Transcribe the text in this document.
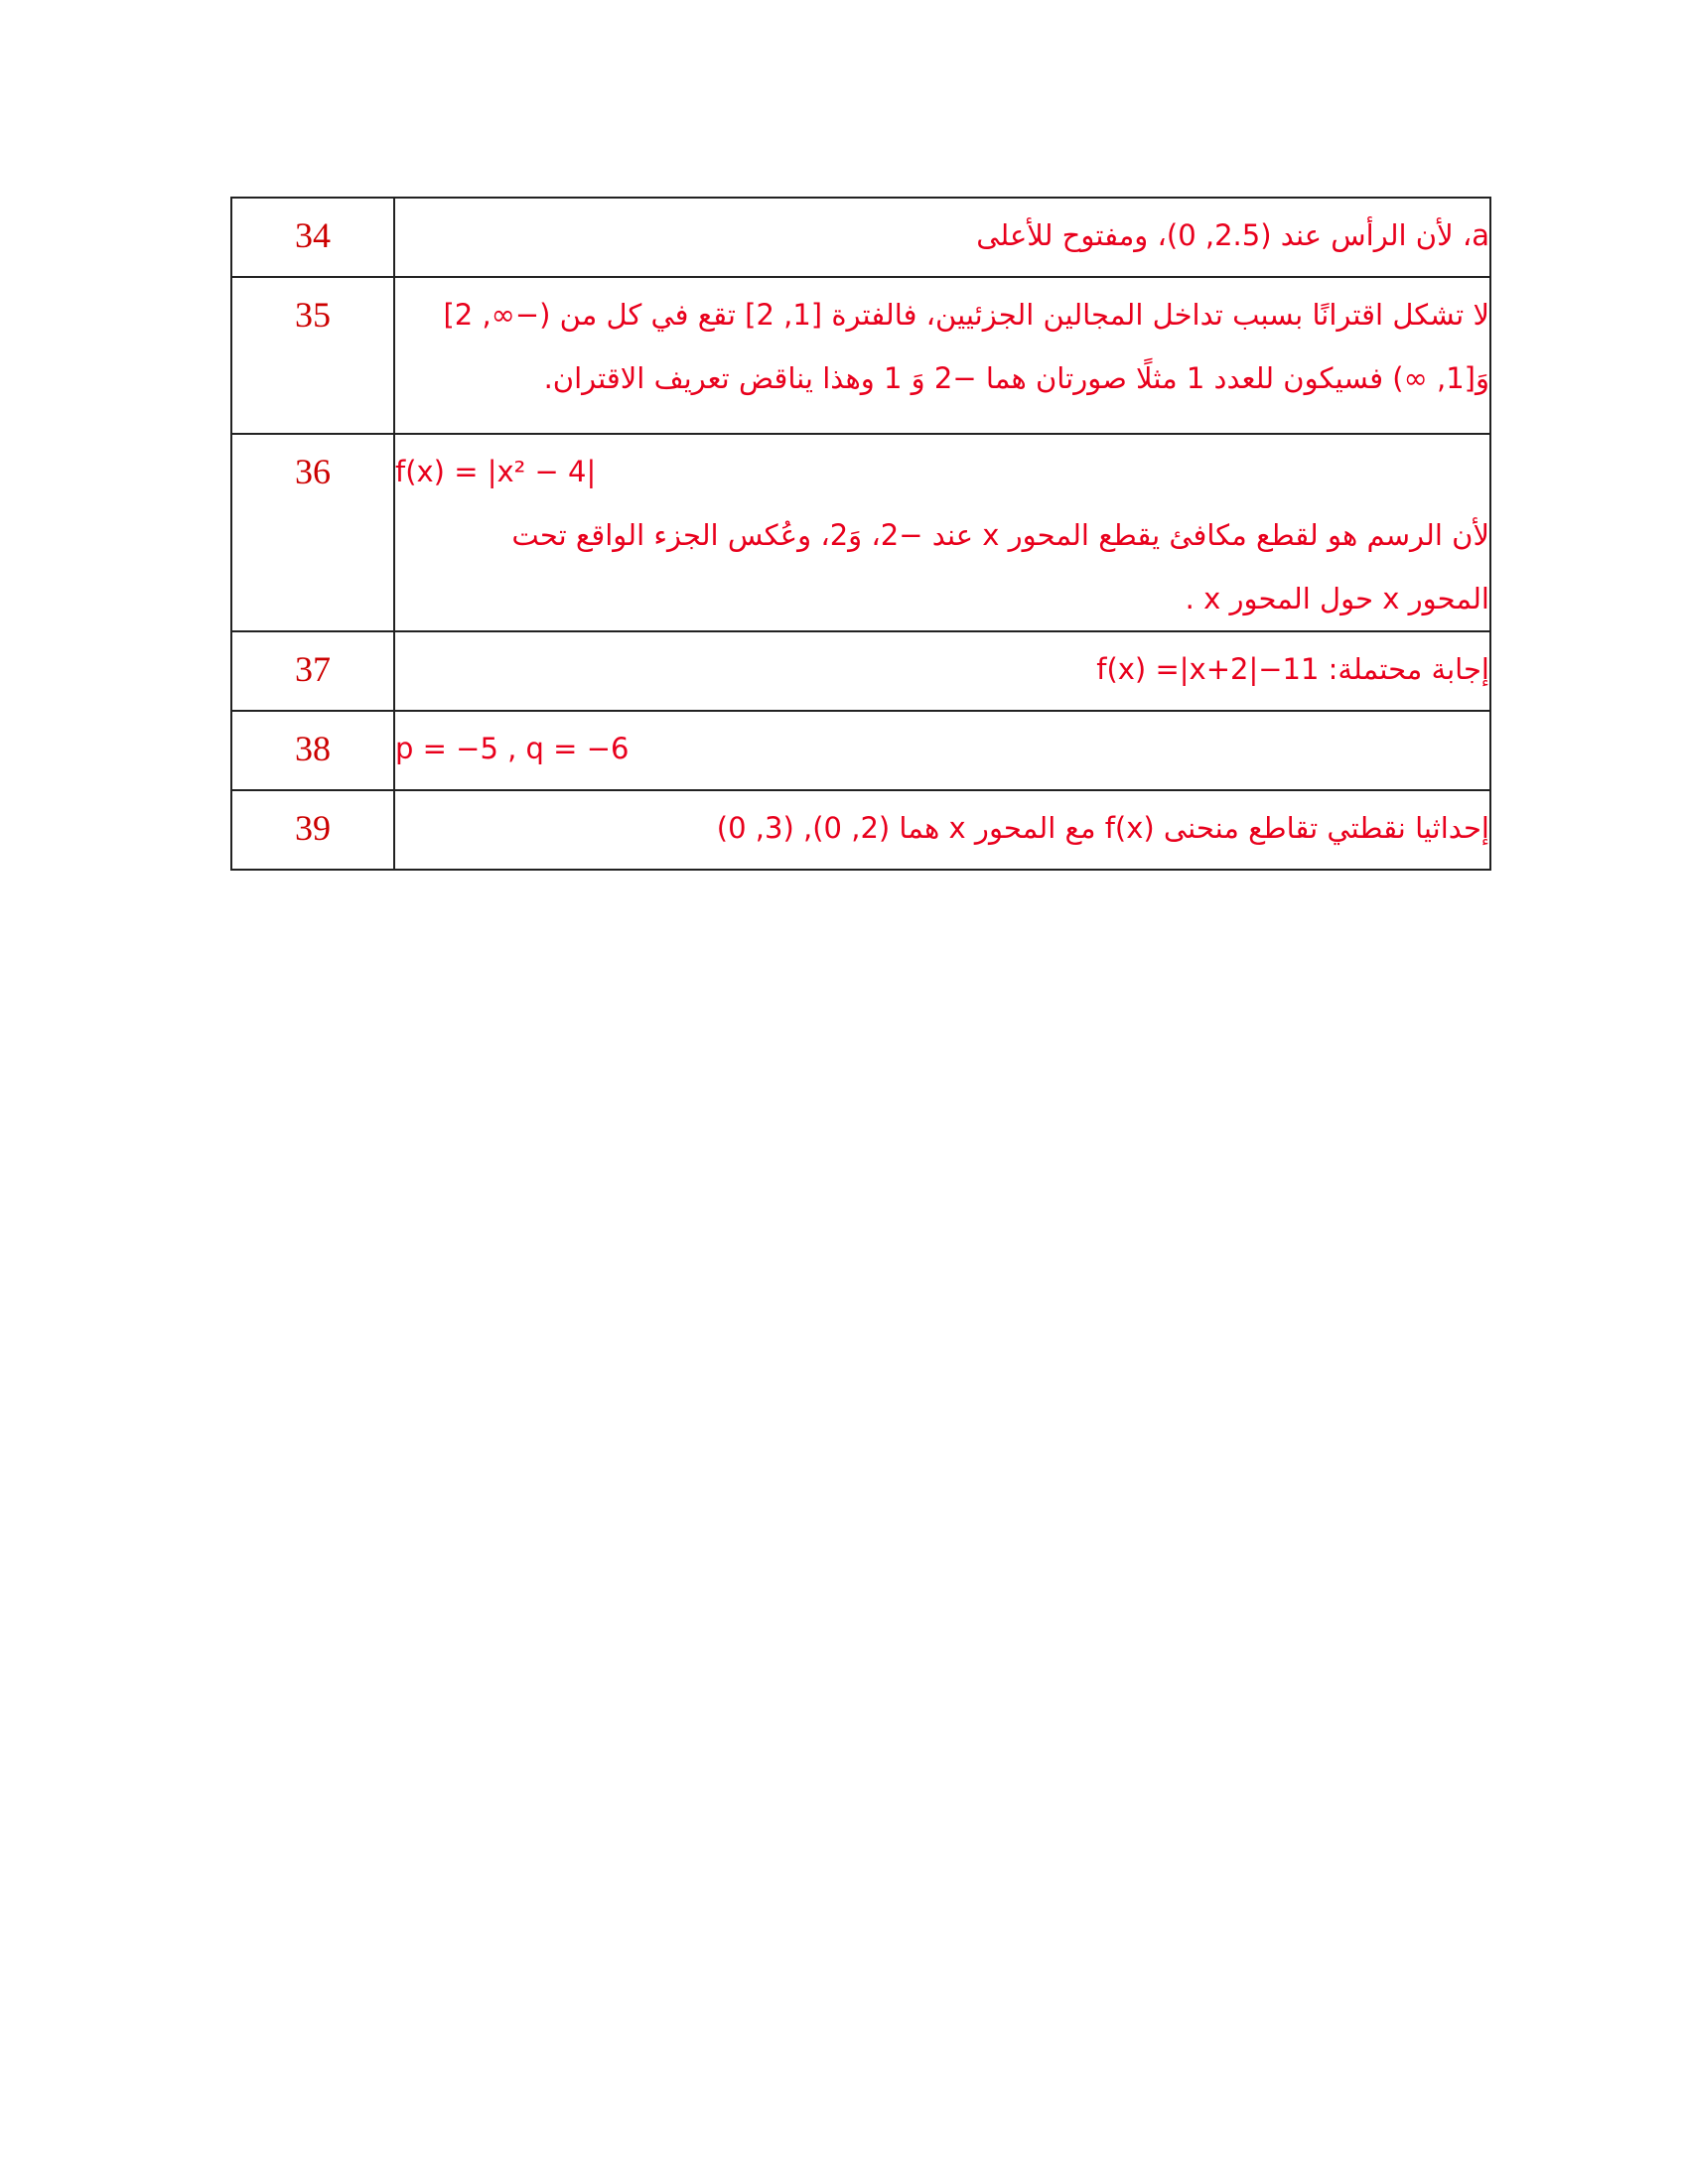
34	a، لأن الرأس عند (2.5, 0)، ومفتوح للأعلى

35	لا تشكل اقترانًا بسبب تداخل المجالين الجزئيين، فالفترة [1, 2] تقع في كل من (−∞, 2]
وَ[1, ∞) فسيكون للعدد 1 مثلًا صورتان هما −2 وَ 1 وهذا يناقض تعريف الاقتران.

36	f(x) = |x² − 4|
لأن الرسم هو لقطع مكافئ يقطع المحور x عند −2، وَ2، وعُكس الجزء الواقع تحت
المحور x حول المحور x .

37	إجابة محتملة: f(x) =|x+2|−11

38	p = −5 , q = −6

39	إحداثيا نقطتي تقاطع منحنى f(x) مع المحور x هما (2, 0), (3, 0)
